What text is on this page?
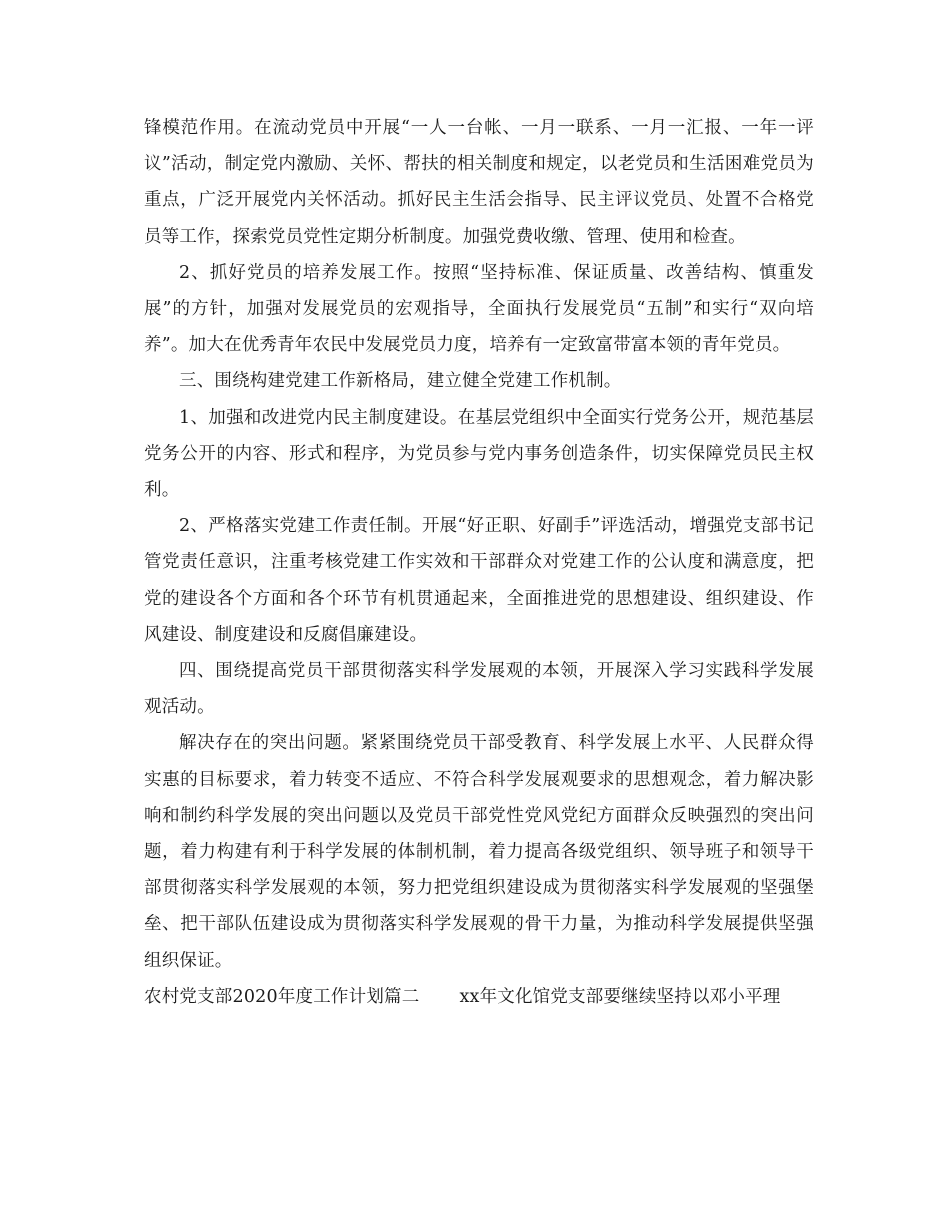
锋模范作用。在流动党员中开展“一人一台帐、一月一联系、一月一汇报、一年一评议”活动，制定党内激励、关怀、帮扶的相关制度和规定，以老党员和生活困难党员为重点，广泛开展党内关怀活动。抓好民主生活会指导、民主评议党员、处置不合格党员等工作，探索党员党性定期分析制度。加强党费收缴、管理、使用和检查。

2、抓好党员的培养发展工作。按照“坚持标准、保证质量、改善结构、慎重发展”的方针，加强对发展党员的宏观指导，全面执行发展党员“五制”和实行“双向培养”。加大在优秀青年农民中发展党员力度，培养有一定致富带富本领的青年党员。

三、围绕构建党建工作新格局，建立健全党建工作机制。

1、加强和改进党内民主制度建设。在基层党组织中全面实行党务公开，规范基层党务公开的内容、形式和程序，为党员参与党内事务创造条件，切实保障党员民主权利。

2、严格落实党建工作责任制。开展“好正职、好副手”评选活动，增强党支部书记管党责任意识，注重考核党建工作实效和干部群众对党建工作的公认度和满意度，把党的建设各个方面和各个环节有机贯通起来，全面推进党的思想建设、组织建设、作风建设、制度建设和反腐倡廉建设。

四、围绕提高党员干部贯彻落实科学发展观的本领，开展深入学习实践科学发展观活动。

解决存在的突出问题。紧紧围绕党员干部受教育、科学发展上水平、人民群众得实惠的目标要求，着力转变不适应、不符合科学发展观要求的思想观念，着力解决影响和制约科学发展的突出问题以及党员干部党性党风党纪方面群众反映强烈的突出问题，着力构建有利于科学发展的体制机制，着力提高各级党组织、领导班子和领导干部贯彻落实科学发展观的本领，努力把党组织建设成为贯彻落实科学发展观的坚强堡垒、把干部队伍建设成为贯彻落实科学发展观的骨干力量，为推动科学发展提供坚强组织保证。

农村党支部2020年度工作计划篇二 xx年文化馆党支部要继续坚持以邓小平理
